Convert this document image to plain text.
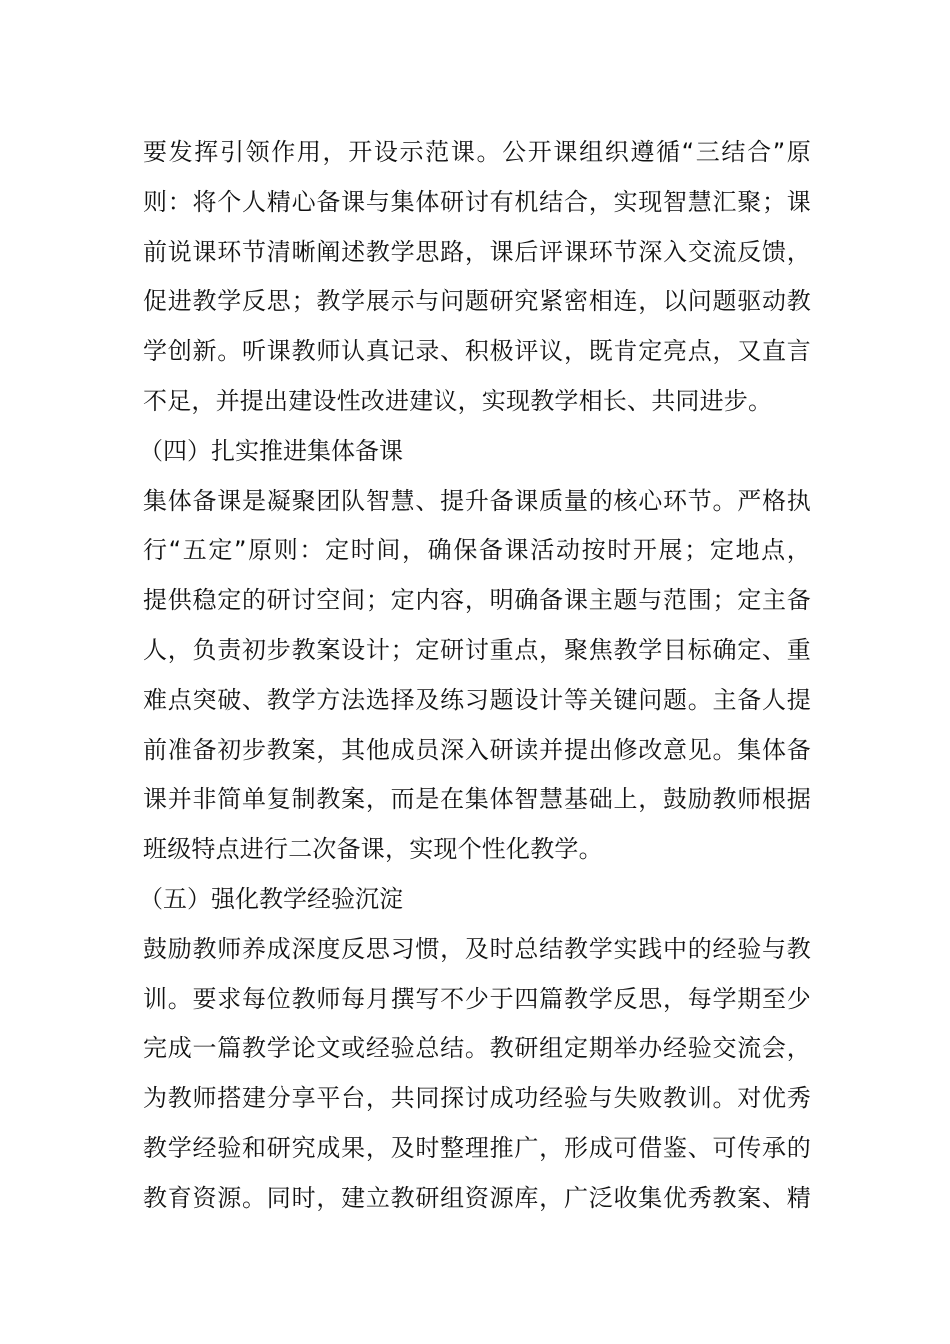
要发挥引领作用，开设示范课。公开课组织遵循“三结合”原
则：将个人精心备课与集体研讨有机结合，实现智慧汇聚；课
前说课环节清晰阐述教学思路，课后评课环节深入交流反馈，
促进教学反思；教学展示与问题研究紧密相连，以问题驱动教
学创新。听课教师认真记录、积极评议，既肯定亮点，又直言
不足，并提出建设性改进建议，实现教学相长、共同进步。
（四）扎实推进集体备课
集体备课是凝聚团队智慧、提升备课质量的核心环节。严格执
行“五定”原则：定时间，确保备课活动按时开展；定地点，
提供稳定的研讨空间；定内容，明确备课主题与范围；定主备
人，负责初步教案设计；定研讨重点，聚焦教学目标确定、重
难点突破、教学方法选择及练习题设计等关键问题。主备人提
前准备初步教案，其他成员深入研读并提出修改意见。集体备
课并非简单复制教案，而是在集体智慧基础上，鼓励教师根据
班级特点进行二次备课，实现个性化教学。
（五）强化教学经验沉淀
鼓励教师养成深度反思习惯，及时总结教学实践中的经验与教
训。要求每位教师每月撰写不少于四篇教学反思，每学期至少
完成一篇教学论文或经验总结。教研组定期举办经验交流会，
为教师搭建分享平台，共同探讨成功经验与失败教训。对优秀
教学经验和研究成果，及时整理推广，形成可借鉴、可传承的
教育资源。同时，建立教研组资源库，广泛收集优秀教案、精
